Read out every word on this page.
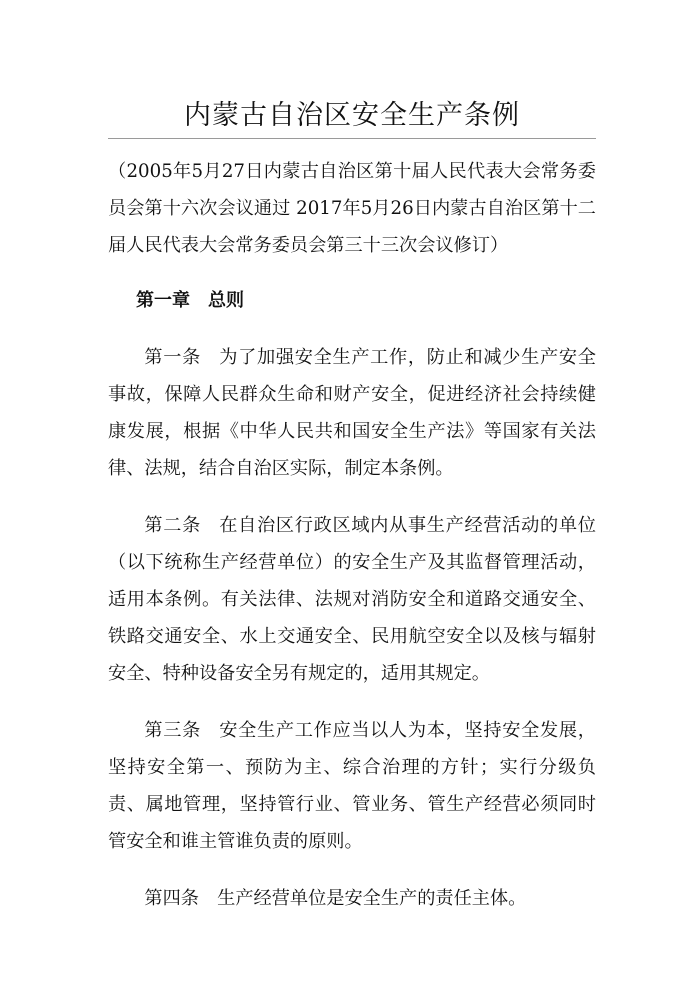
内蒙古自治区安全生产条例

（2005年5月27日内蒙古自治区第十届人民代表大会常务委员会第十六次会议通过 2017年5月26日内蒙古自治区第十二届人民代表大会常务委员会第三十三次会议修订）

第一章　总则

第一条 为了加强安全生产工作，防止和减少生产安全事故，保障人民群众生命和财产安全，促进经济社会持续健康发展，根据《中华人民共和国安全生产法》等国家有关法律、法规，结合自治区实际，制定本条例。

第二条 在自治区行政区域内从事生产经营活动的单位（以下统称生产经营单位）的安全生产及其监督管理活动，适用本条例。有关法律、法规对消防安全和道路交通安全、铁路交通安全、水上交通安全、民用航空安全以及核与辐射安全、特种设备安全另有规定的，适用其规定。

第三条 安全生产工作应当以人为本，坚持安全发展，坚持安全第一、预防为主、综合治理的方针；实行分级负责、属地管理，坚持管行业、管业务、管生产经营必须同时管安全和谁主管谁负责的原则。

第四条 生产经营单位是安全生产的责任主体。
